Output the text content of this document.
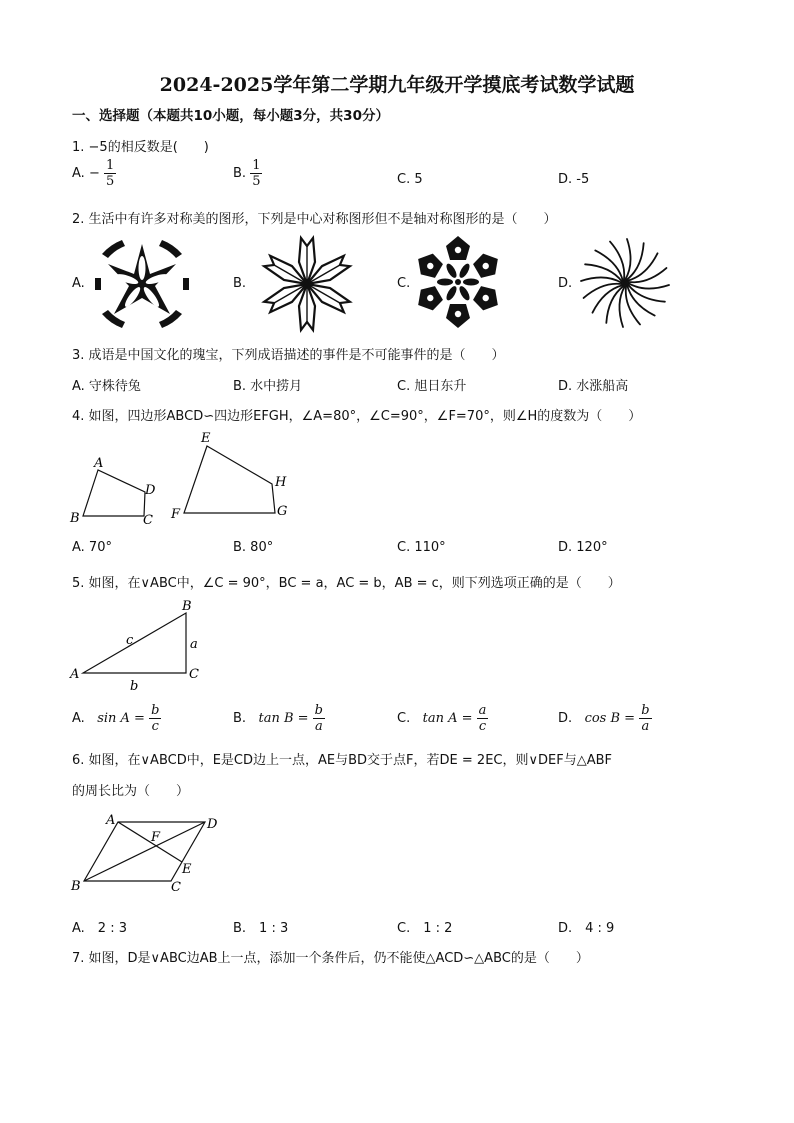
2024-2025学年第二学期九年级开学摸底考试数学试题
一、选择题（本题共10小题，每小题3分，共30分）
1. −5的相反数是(　　)
A. − $\frac{1}{5}$	B. $\frac{1}{5}$	C. 5	D. -5
2. 生活中有许多对称美的图形，下列是中心对称图形但不是轴对称图形的是（　　）
A.	B.	C.	D.
3. 成语是中国文化的瑰宝，下列成语描述的事件是不可能事件的是（　　）
A. 守株待兔	B. 水中捞月	C. 旭日东升	D. 水涨船高
4. 如图，四边形ABCD∽四边形EFGH，∠A=80°，∠C=90°，∠F=70°，则∠H的度数为（　　）
A
B	C
D
E
F	G
H
A. 70°	B. 80°	C. 110°	D. 120°
5. 如图，在∨ABC中，∠C = 90°，BC = a，AC = b，AB = c，则下列选项正确的是（　　）
A
B
C
a
b
c
A. $\sin A = \frac{b}{c}$	B. $\tan B = \frac{b}{a}$	C. $\tan A = \frac{a}{c}$	D. $\cos B = \frac{b}{a}$
6. 如图，在∨ABCD中，E是CD边上一点，AE与BD交于点F，若DE = 2EC，则∨DEF与△ABF
的周长比为（　　）
A
B	C
D
E
F
A.　2 : 3	B.　1 : 3	C.　1 : 2	D.　4 : 9
7. 如图，D是∨ABC边AB上一点，添加一个条件后，仍不能使△ACD∽△ABC的是（　　）
